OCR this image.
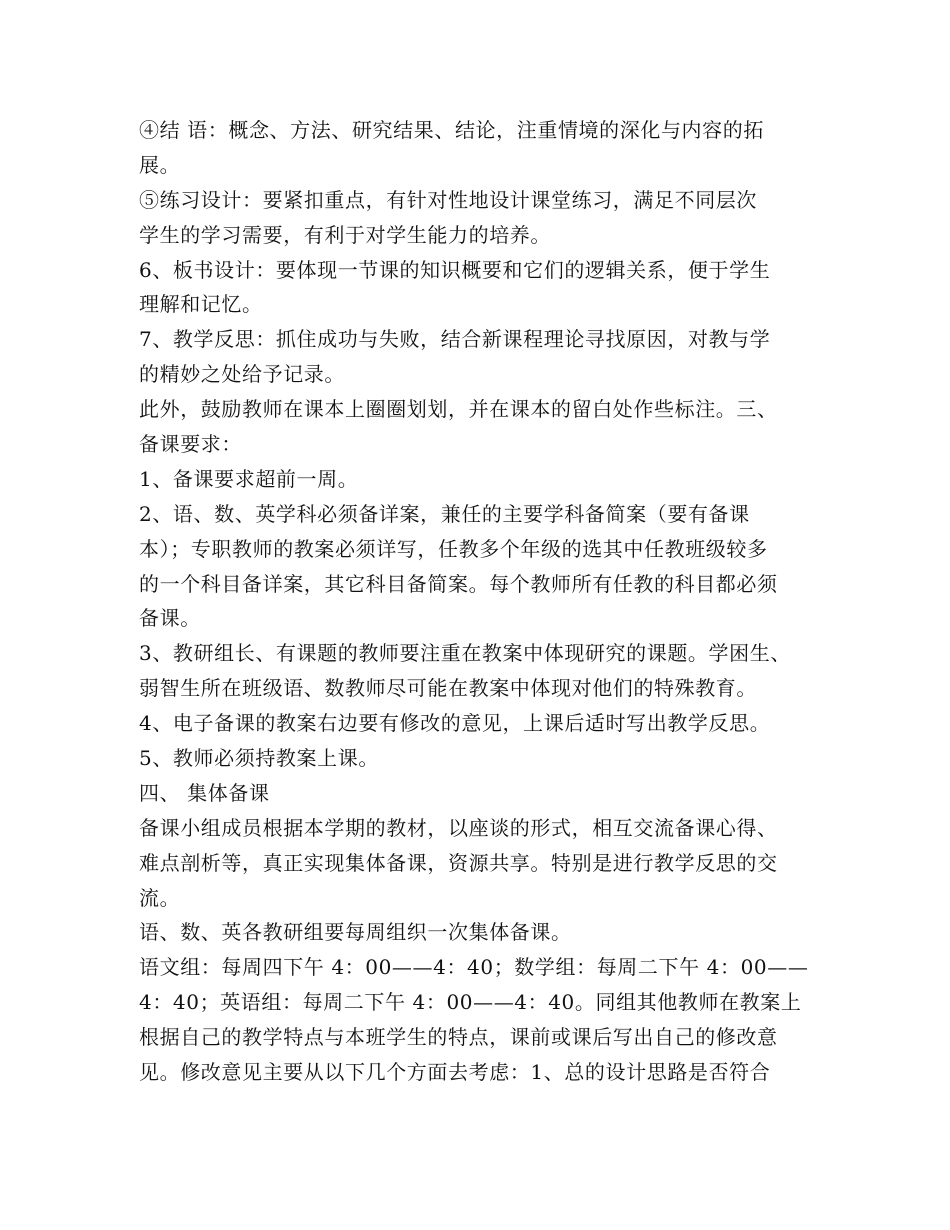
④结 语：概念、方法、研究结果、结论，注重情境的深化与内容的拓
展。
⑤练习设计：要紧扣重点，有针对性地设计课堂练习，满足不同层次
学生的学习需要，有利于对学生能力的培养。
6、板书设计：要体现一节课的知识概要和它们的逻辑关系，便于学生
理解和记忆。
7、教学反思：抓住成功与失败，结合新课程理论寻找原因，对教与学
的精妙之处给予记录。
此外，鼓励教师在课本上圈圈划划，并在课本的留白处作些标注。三、
备课要求：
1、备课要求超前一周。
2、语、数、英学科必须备详案，兼任的主要学科备简案（要有备课
本）；专职教师的教案必须详写，任教多个年级的选其中任教班级较多
的一个科目备详案，其它科目备简案。每个教师所有任教的科目都必须
备课。
3、教研组长、有课题的教师要注重在教案中体现研究的课题。学困生、
弱智生所在班级语、数教师尽可能在教案中体现对他们的特殊教育。
4、电子备课的教案右边要有修改的意见，上课后适时写出教学反思。
5、教师必须持教案上课。
四、 集体备课
备课小组成员根据本学期的教材，以座谈的形式，相互交流备课心得、
难点剖析等，真正实现集体备课，资源共享。特别是进行教学反思的交
流。
语、数、英各教研组要每周组织一次集体备课。
语文组：每周四下午 4：00——4：40；数学组：每周二下午 4：00——
4：40；英语组：每周二下午 4：00——4：40。同组其他教师在教案上
根据自己的教学特点与本班学生的特点，课前或课后写出自己的修改意
见。修改意见主要从以下几个方面去考虑：1、总的设计思路是否符合
